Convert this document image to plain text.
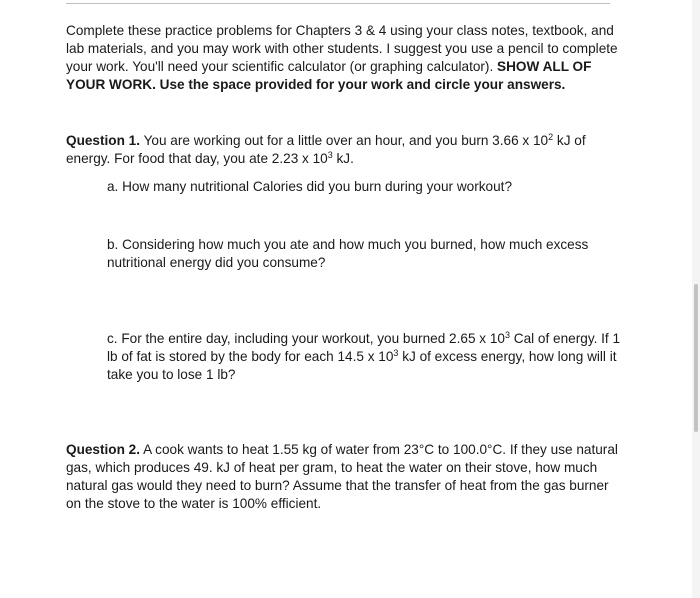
Complete these practice problems for Chapters 3 & 4 using your class notes, textbook, and lab materials, and you may work with other students. I suggest you use a pencil to complete your work. You'll need your scientific calculator (or graphing calculator). SHOW ALL OF YOUR WORK. Use the space provided for your work and circle your answers.

Question 1. You are working out for a little over an hour, and you burn 3.66 x $10^2$ kJ of energy. For food that day, you ate 2.23 x $10^3$ kJ.

a. How many nutritional Calories did you burn during your workout?

b. Considering how much you ate and how much you burned, how much excess nutritional energy did you consume?

c. For the entire day, including your workout, you burned 2.65 x $10^3$ Cal of energy. If 1 lb of fat is stored by the body for each 14.5 x $10^3$ kJ of excess energy, how long will it take you to lose 1 lb?

Question 2. A cook wants to heat 1.55 kg of water from 23°C to 100.0°C. If they use natural gas, which produces 49. kJ of heat per gram, to heat the water on their stove, how much natural gas would they need to burn? Assume that the transfer of heat from the gas burner on the stove to the water is 100% efficient.
